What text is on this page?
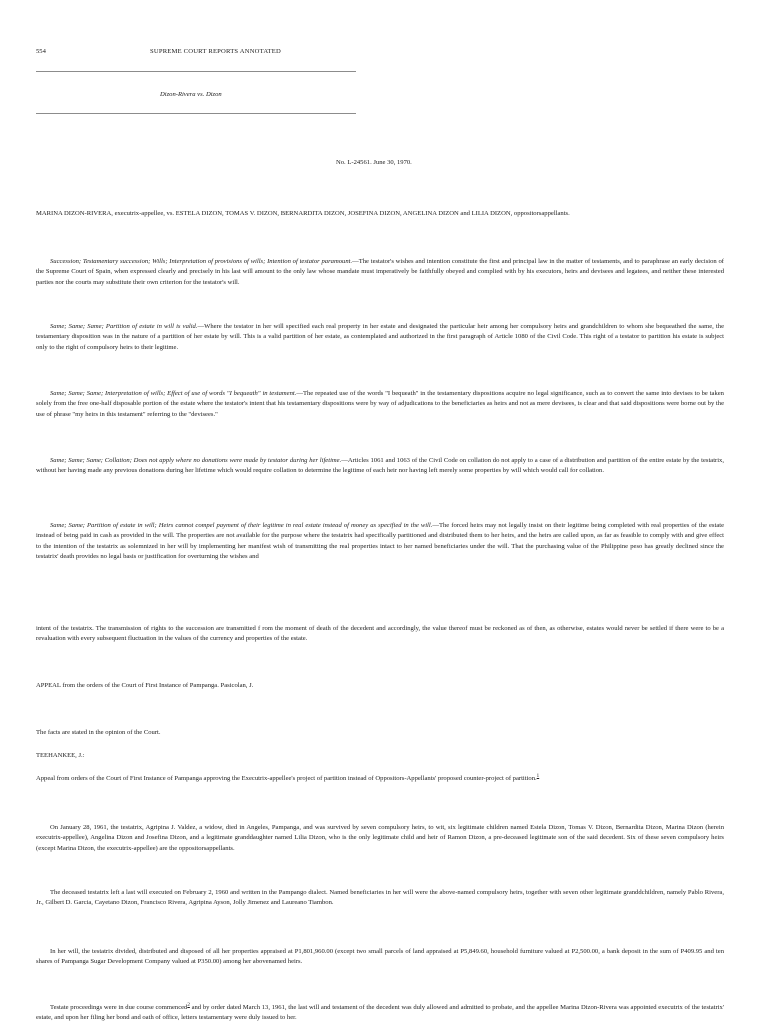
554	SUPREME COURT REPORTS ANNOTATED
Dizon-Rivera vs. Dizon
No. L-24561. June 30, 1970.

MARINA DIZON-RIVERA, executrix-appellee, vs. ESTELA DIZON, TOMAS V. DIZON, BERNARDITA DIZON, JOSEFINA DIZON, ANGELINA DIZON and LILIA DIZON, oppositorsappellants.

Succession; Testamentary succession; Wills; Interpretation of provisions of wills; Intention of testator paramount.—The testator's wishes and intention constitute the first and principal law in the matter of testaments, and to paraphrase an early decision of the Supreme Court of Spain, when expressed clearly and precisely in his last will amount to the only law whose mandate must imperatively be faithfully obeyed and complied with by his executors, heirs and devisees and legatees, and neither these interested parties nor the courts may substitute their own criterion for the testator's will.

Same; Same; Same; Partition of estate in will is valid.—Where the testator in her will specified each real property in her estate and designated the particular heir among her compulsory heirs and grandchildren to whom she bequeathed the same, the testamentary disposition was in the nature of a partition of her estate by will. This is a valid partition of her estate, as contemplated and authorized in the first paragraph of Article 1080 of the Civil Code. This right of a testator to partition his estate is subject only to the right of compulsory heirs to their legitime.

Same; Same; Same; Interpretation of wills; Effect of use of words "I bequeath" in testament.—The repeated use of the words "I bequeath" in the testamentary dispositions acquire no legal significance, such as to convert the same into devises to be taken solely from the free one-half disposable portion of the estate where the testator's intent that his testamentary dispositions were by way of adjudications to the beneficiaries as heirs and not as mere devisees, is clear and that said dispositions were borne out by the use of phrase "my heirs in this testament" referring to the "devisees."

Same; Same; Same; Collation; Does not apply where no donations were made by testator during her lifetime.—Articles 1061 and 1063 of the Civil Code on collation do not apply to a case of a distribution and partition of the entire estate by the testatrix, without her having made any previous donations during her lifetime which would require collation to determine the legitime of each heir nor having left merely some properties by will which would call for collation.

Same; Same; Partition of estate in will; Heirs cannot compel payment of their legitime in real estate instead of money as specified in the will.—The forced heirs may not legally insist on their legitime being completed with real properties of the estate instead of being paid in cash as provided in the will. The properties are not available for the purpose where the testatrix had specifically partitioned and distributed them to her heirs, and the heirs are called upon, as far as feasible to comply with and give effect to the intention of the testatrix as solemnized in her will by implementing her manifest wish of transmitting the real properties intact to her named beneficiaries under the will. That the purchasing value of the Philippine peso has greatly declined since the testatrix' death provides no legal basis or justification for overturning the wishes and

intent of the testatrix. The transmission of rights to the succession are transmitted f rom the moment of death of the decedent and accordingly, the value thereof must be reckoned as of then, as otherwise, estates would never be settled if there were to be a revaluation with every subsequent fluctuation in the values of the currency and properties of the estate.

APPEAL from the orders of the Court of First Instance of Pampanga. Pasicolan, J.

The facts are stated in the opinion of the Court.

TEEHANKEE, J.:

Appeal from orders of the Court of First Instance of Pampanga approving the Executrix-appellee's project of partition instead of Oppositors-Appellants' proposed counter-project of partition.$^1$

On January 28, 1961, the testatrix, Agripina J. Valdez, a widow, died in Angeles, Pampanga, and was survived by seven compulsory heirs, to wit, six legitimate children named Estela Dizon, Tomas V. Dizon, Bernardita Dizon, Marina Dizon (herein executrix-appellee), Angelina Dizon and Josefina Dizon, and a legitimate granddaughter named Lilia Dizon, who is the only legitimate child and heir of Ramon Dizon, a pre-deceased legitimate son of the said decedent. Six of these seven compulsory heirs (except Marina Dizon, the executrix-appellee) are the oppositorsappellants.

The deceased testatrix left a last will executed on February 2, 1960 and written in the Pampango dialect. Named beneficiaries in her will were the above-named compulsory heirs, together with seven other legitimate granddchildren, namely Pablo Rivera, Jr., Gilbert D. Garcia, Cayetano Dizon, Francisco Rivera, Agripina Ayson, Jolly Jimenez and Laureano Tiambon.

In her will, the testatrix divided, distributed and disposed of all her properties appraised at P1,801,960.00 (except two small parcels of land appraised at P5,849.60, household furniture valued at P2,500.00, a bank deposit in the sum of P409.95 and ten shares of Pampanga Sugar Development Company valued at P350.00) among her abovenamed heirs.

Testate proceedings were in due course commenced$^2$ and by order dated March 13, 1961, the last will and testament of the decedent was duly allowed and admitted to probate, and the appellee Marina Dizon-Rivera was appointed executrix of the testatrix' estate, and upon her filing her bond and oath of office, letters testamentary were duly issued to her.
